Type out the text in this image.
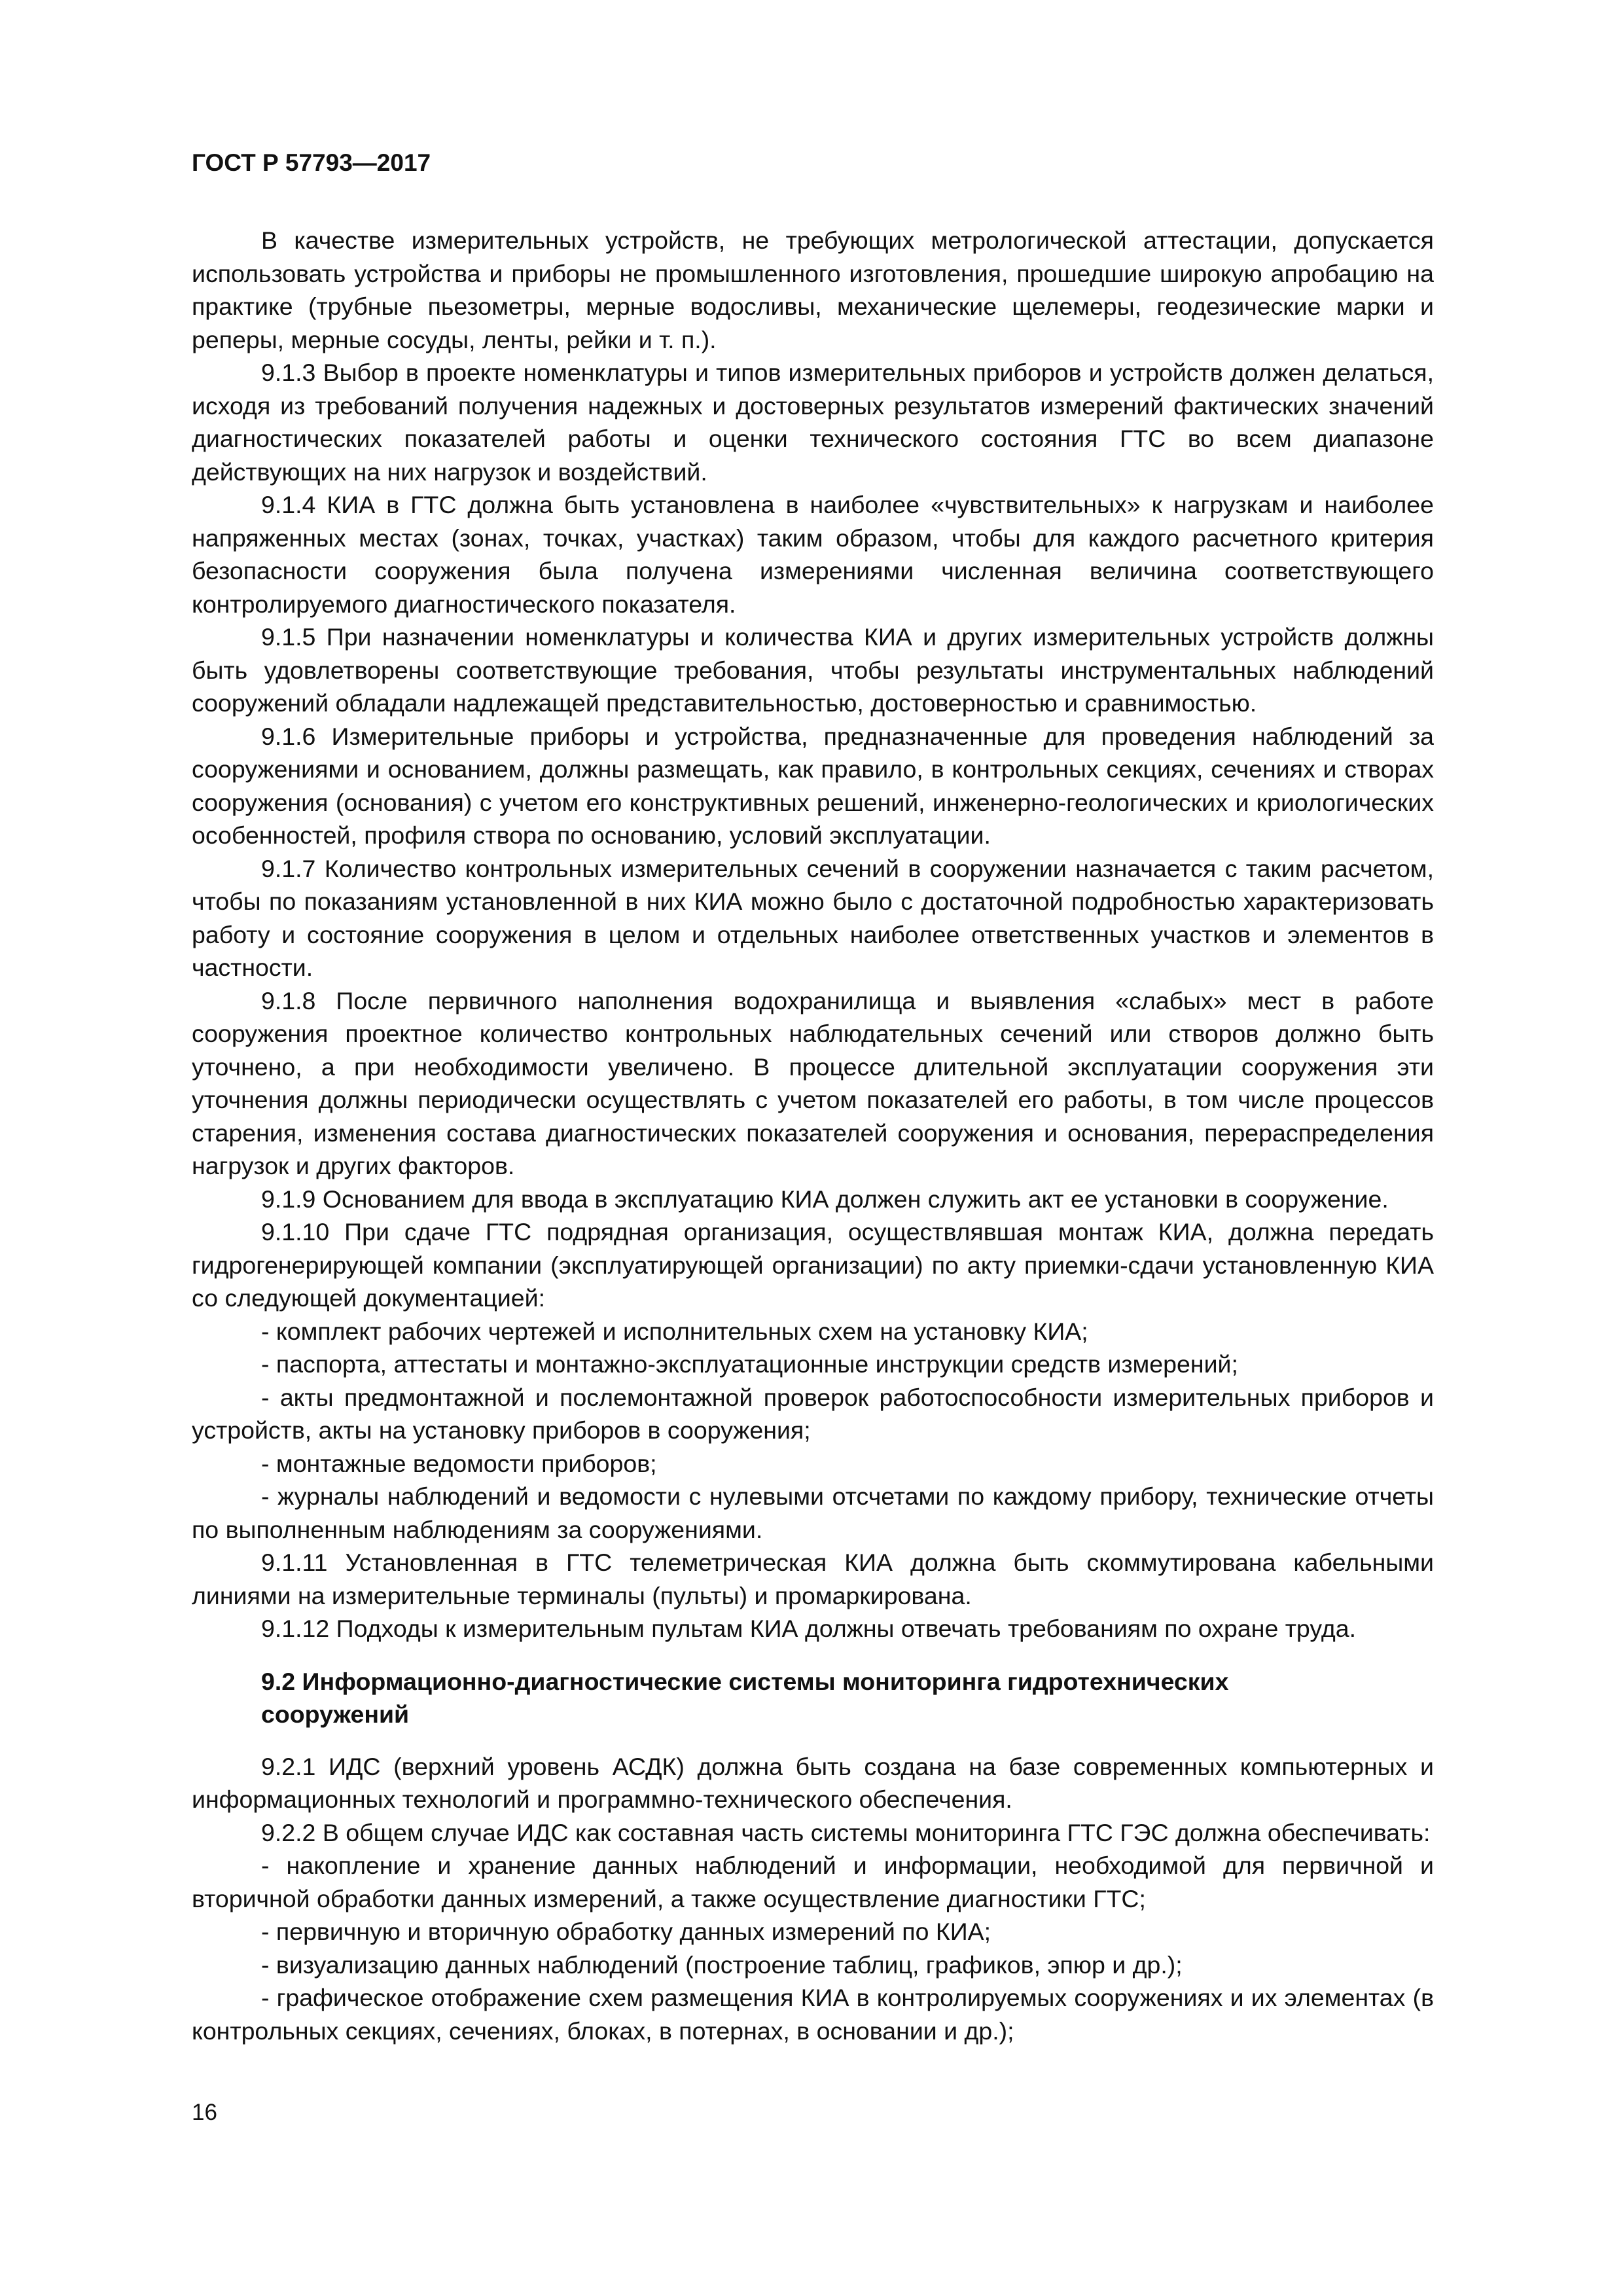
ГОСТ Р 57793—2017

В качестве измерительных устройств, не требующих метрологической аттестации, допускается использовать устройства и приборы не промышленного изготовления, прошедшие широкую апробацию на практике (трубные пьезометры, мерные водосливы, механические щелемеры, геодезические марки и реперы, мерные сосуды, ленты, рейки и т. п.).

9.1.3 Выбор в проекте номенклатуры и типов измерительных приборов и устройств должен делаться, исходя из требований получения надежных и достоверных результатов измерений фактических значений диагностических показателей работы и оценки технического состояния ГТС во всем диапазоне действующих на них нагрузок и воздействий.

9.1.4 КИА в ГТС должна быть установлена в наиболее «чувствительных» к нагрузкам и наиболее напряженных местах (зонах, точках, участках) таким образом, чтобы для каждого расчетного критерия безопасности сооружения была получена измерениями численная величина соответствующего контролируемого диагностического показателя.

9.1.5 При назначении номенклатуры и количества КИА и других измерительных устройств должны быть удовлетворены соответствующие требования, чтобы результаты инструментальных наблюдений сооружений обладали надлежащей представительностью, достоверностью и сравнимостью.

9.1.6 Измерительные приборы и устройства, предназначенные для проведения наблюдений за сооружениями и основанием, должны размещать, как правило, в контрольных секциях, сечениях и створах сооружения (основания) с учетом его конструктивных решений, инженерно-геологических и криологических особенностей, профиля створа по основанию, условий эксплуатации.

9.1.7 Количество контрольных измерительных сечений в сооружении назначается с таким расчетом, чтобы по показаниям установленной в них КИА можно было с достаточной подробностью характеризовать работу и состояние сооружения в целом и отдельных наиболее ответственных участков и элементов в частности.

9.1.8 После первичного наполнения водохранилища и выявления «слабых» мест в работе сооружения проектное количество контрольных наблюдательных сечений или створов должно быть уточнено, а при необходимости увеличено. В процессе длительной эксплуатации сооружения эти уточнения должны периодически осуществлять с учетом показателей его работы, в том числе процессов старения, изменения состава диагностических показателей сооружения и основания, перераспределения нагрузок и других факторов.

9.1.9 Основанием для ввода в эксплуатацию КИА должен служить акт ее установки в сооружение.

9.1.10 При сдаче ГТС подрядная организация, осуществлявшая монтаж КИА, должна передать гидрогенерирующей компании (эксплуатирующей организации) по акту приемки-сдачи установленную КИА со следующей документацией:

- комплект рабочих чертежей и исполнительных схем на установку КИА;

- паспорта, аттестаты и монтажно-эксплуатационные инструкции средств измерений;

- акты предмонтажной и послемонтажной проверок работоспособности измерительных приборов и устройств, акты на установку приборов в сооружения;

- монтажные ведомости приборов;

- журналы наблюдений и ведомости с нулевыми отсчетами по каждому прибору, технические отчеты по выполненным наблюдениям за сооружениями.

9.1.11 Установленная в ГТС телеметрическая КИА должна быть скоммутирована кабельными линиями на измерительные терминалы (пульты) и промаркирована.

9.1.12 Подходы к измерительным пультам КИА должны отвечать требованиям по охране труда.

9.2 Информационно-диагностические системы мониторинга гидротехнических сооружений

9.2.1 ИДС (верхний уровень АСДК) должна быть создана на базе современных компьютерных и информационных технологий и программно-технического обеспечения.

9.2.2 В общем случае ИДС как составная часть системы мониторинга ГТС ГЭС должна обеспечивать:

- накопление и хранение данных наблюдений и информации, необходимой для первичной и вторичной обработки данных измерений, а также осуществление диагностики ГТС;

- первичную и вторичную обработку данных измерений по КИА;

- визуализацию данных наблюдений (построение таблиц, графиков, эпюр и др.);

- графическое отображение схем размещения КИА в контролируемых сооружениях и их элементах (в контрольных секциях, сечениях, блоках, в потернах, в основании и др.);

16
